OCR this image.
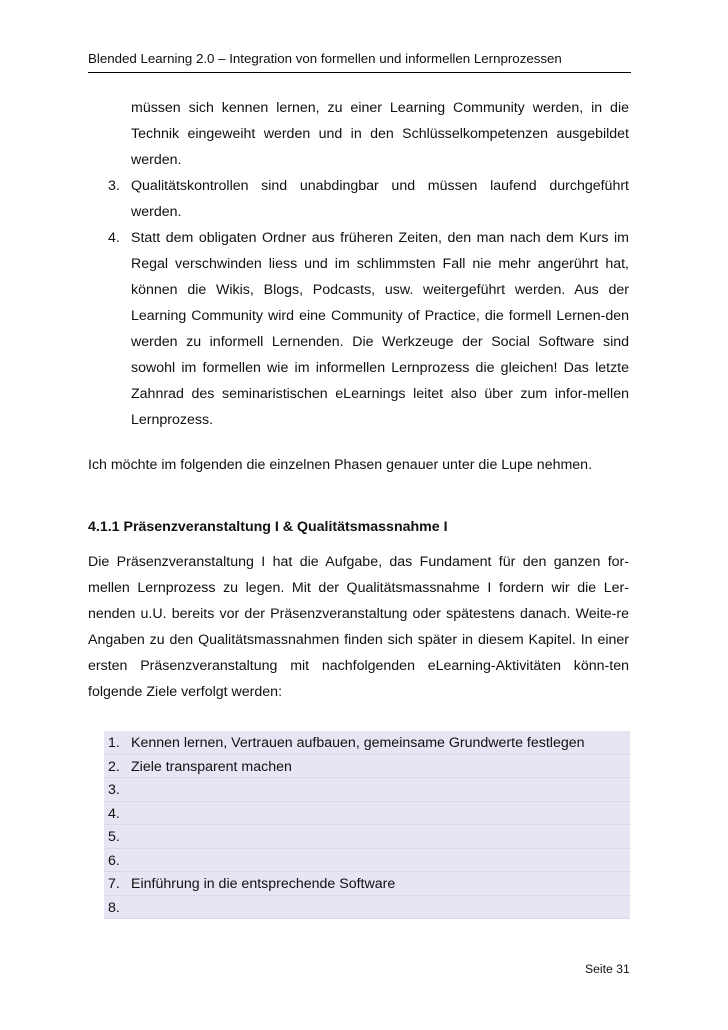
Blended Learning 2.0 – Integration von formellen und informellen Lernprozessen
müssen sich kennen lernen, zu einer Learning Community werden, in die Technik eingeweiht werden und in den Schlüsselkompetenzen ausgebildet werden.
3. Qualitätskontrollen sind unabdingbar und müssen laufend durchgeführt werden.
4. Statt dem obligaten Ordner aus früheren Zeiten, den man nach dem Kurs im Regal verschwinden liess und im schlimmsten Fall nie mehr angerührt hat, können die Wikis, Blogs, Podcasts, usw. weitergeführt werden. Aus der Learning Community wird eine Community of Practice, die formell Lernen-den werden zu informell Lernenden. Die Werkzeuge der Social Software sind sowohl im formellen wie im informellen Lernprozess die gleichen! Das letzte Zahnrad des seminaristischen eLearnings leitet also über zum infor-mellen Lernprozess.
Ich möchte im folgenden die einzelnen Phasen genauer unter die Lupe nehmen.
4.1.1 Präsenzveranstaltung I & Qualitätsmassnahme I
Die Präsenzveranstaltung I hat die Aufgabe, das Fundament für den ganzen for-mellen Lernprozess zu legen. Mit der Qualitätsmassnahme I fordern wir die Ler-nenden u.U. bereits vor der Präsenzveranstaltung oder spätestens danach. Weite-re Angaben zu den Qualitätsmassnahmen finden sich später in diesem Kapitel. In einer ersten Präsenzveranstaltung mit nachfolgenden eLearning-Aktivitäten könn-ten folgende Ziele verfolgt werden:
1. Kennen lernen, Vertrauen aufbauen, gemeinsame Grundwerte festlegen
2. Ziele transparent machen
3.
4.
5.
6.
7. Einführung in die entsprechende Software
8.
Seite 31
